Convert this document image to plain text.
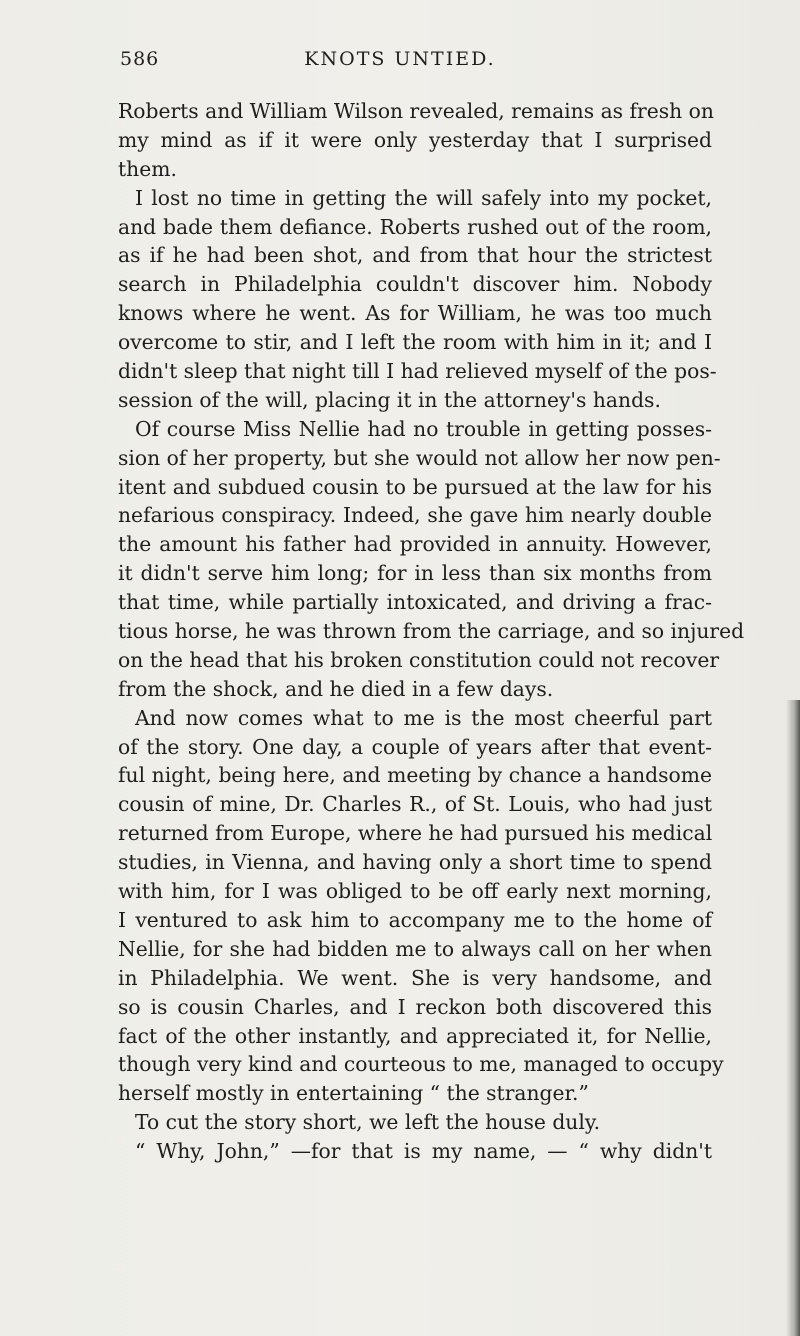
586	KNOTS UNTIED.
Roberts and William Wilson revealed, remains as fresh on
my mind as if it were only yesterday that I surprised
them.
I lost no time in getting the will safely into my pocket,
and bade them defiance. Roberts rushed out of the room,
as if he had been shot, and from that hour the strictest
search in Philadelphia couldn't discover him. Nobody
knows where he went. As for William, he was too much
overcome to stir, and I left the room with him in it; and I
didn't sleep that night till I had relieved myself of the pos-
session of the will, placing it in the attorney's hands.
Of course Miss Nellie had no trouble in getting posses-
sion of her property, but she would not allow her now pen-
itent and subdued cousin to be pursued at the law for his
nefarious conspiracy. Indeed, she gave him nearly double
the amount his father had provided in annuity. However,
it didn't serve him long; for in less than six months from
that time, while partially intoxicated, and driving a frac-
tious horse, he was thrown from the carriage, and so injured
on the head that his broken constitution could not recover
from the shock, and he died in a few days.
And now comes what to me is the most cheerful part
of the story. One day, a couple of years after that event-
ful night, being here, and meeting by chance a handsome
cousin of mine, Dr. Charles R., of St. Louis, who had just
returned from Europe, where he had pursued his medical
studies, in Vienna, and having only a short time to spend
with him, for I was obliged to be off early next morning,
I ventured to ask him to accompany me to the home of
Nellie, for she had bidden me to always call on her when
in Philadelphia. We went. She is very handsome, and
so is cousin Charles, and I reckon both discovered this
fact of the other instantly, and appreciated it, for Nellie,
though very kind and courteous to me, managed to occupy
herself mostly in entertaining “ the stranger.”
To cut the story short, we left the house duly.
“ Why, John,” —for that is my name, — “ why didn't
